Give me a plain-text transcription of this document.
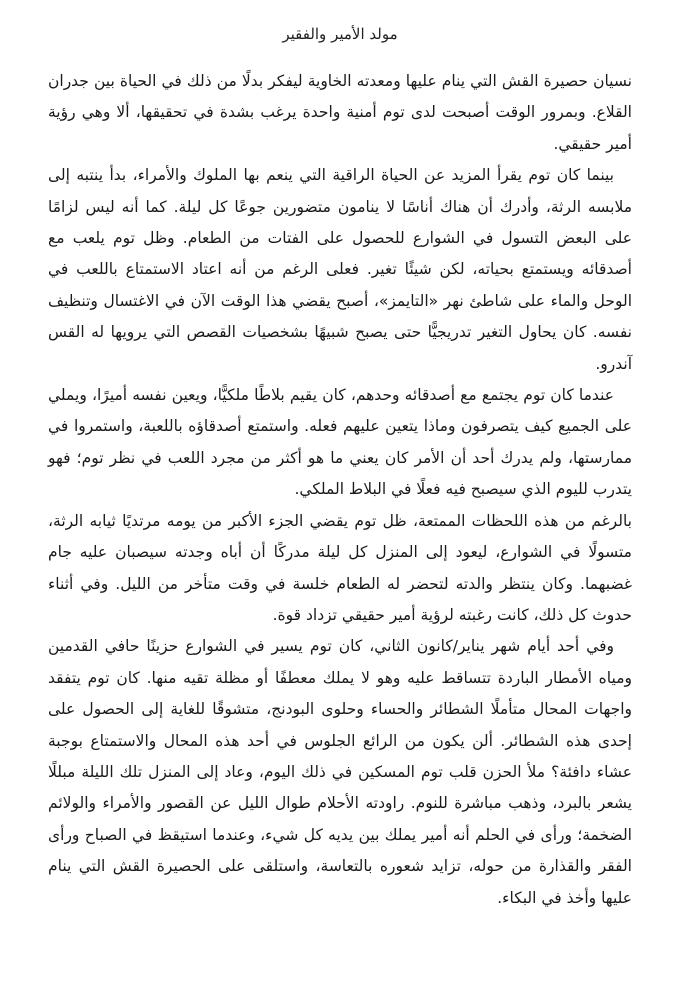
مولد الأمير والفقير

نسيان حصيرة القش التي ينام عليها ومعدته الخاوية ليفكر بدلًا من ذلك في الحياة بين جدران القلاع. وبمرور الوقت أصبحت لدى توم أمنية واحدة يرغب بشدة في تحقيقها، ألا وهي رؤية أمير حقيقي.

بينما كان توم يقرأ المزيد عن الحياة الراقية التي ينعم بها الملوك والأمراء، بدأ ينتبه إلى ملابسه الرثة، وأدرك أن هناك أناسًا لا ينامون متضورين جوعًا كل ليلة. كما أنه ليس لزامًا على البعض التسول في الشوارع للحصول على الفتات من الطعام. وظل توم يلعب مع أصدقائه ويستمتع بحياته، لكن شيئًا تغير. فعلى الرغم من أنه اعتاد الاستمتاع باللعب في الوحل والماء على شاطئ نهر «التايمز»، أصبح يقضي هذا الوقت الآن في الاغتسال وتنظيف نفسه. كان يحاول التغير تدريجيًّا حتى يصبح شبيهًا بشخصيات القصص التي يرويها له القس آندرو.

عندما كان توم يجتمع مع أصدقائه وحدهم، كان يقيم بلاطًا ملكيًّا، ويعين نفسه أميرًا، ويملي على الجميع كيف يتصرفون وماذا يتعين عليهم فعله. واستمتع أصدقاؤه باللعبة، واستمروا في ممارستها، ولم يدرك أحد أن الأمر كان يعني ما هو أكثر من مجرد اللعب في نظر توم؛ فهو يتدرب لليوم الذي سيصبح فيه فعلًا في البلاط الملكي.

بالرغم من هذه اللحظات الممتعة، ظل توم يقضي الجزء الأكبر من يومه مرتديًا ثيابه الرثة، متسولًا في الشوارع، ليعود إلى المنزل كل ليلة مدركًا أن أباه وجدته سيصبان عليه جام غضبهما. وكان ينتظر والدته لتحضر له الطعام خلسة في وقت متأخر من الليل. وفي أثناء حدوث كل ذلك، كانت رغبته لرؤية أمير حقيقي تزداد قوة.

وفي أحد أيام شهر يناير/كانون الثاني، كان توم يسير في الشوارع حزينًا حافي القدمين ومياه الأمطار الباردة تتساقط عليه وهو لا يملك معطفًا أو مظلة تقيه منها. كان توم يتفقد واجهات المحال متأملًا الشطائر والحساء وحلوى البودنج، متشوقًا للغاية إلى الحصول على إحدى هذه الشطائر. ألن يكون من الرائع الجلوس في أحد هذه المحال والاستمتاع بوجبة عشاء دافئة؟ ملأ الحزن قلب توم المسكين في ذلك اليوم، وعاد إلى المنزل تلك الليلة مبللًا يشعر بالبرد، وذهب مباشرة للنوم. راودته الأحلام طوال الليل عن القصور والأمراء والولائم الضخمة؛ ورأى في الحلم أنه أمير يملك بين يديه كل شيء، وعندما استيقظ في الصباح ورأى الفقر والقذارة من حوله، تزايد شعوره بالتعاسة، واستلقى على الحصيرة القش التي ينام عليها وأخذ في البكاء.
